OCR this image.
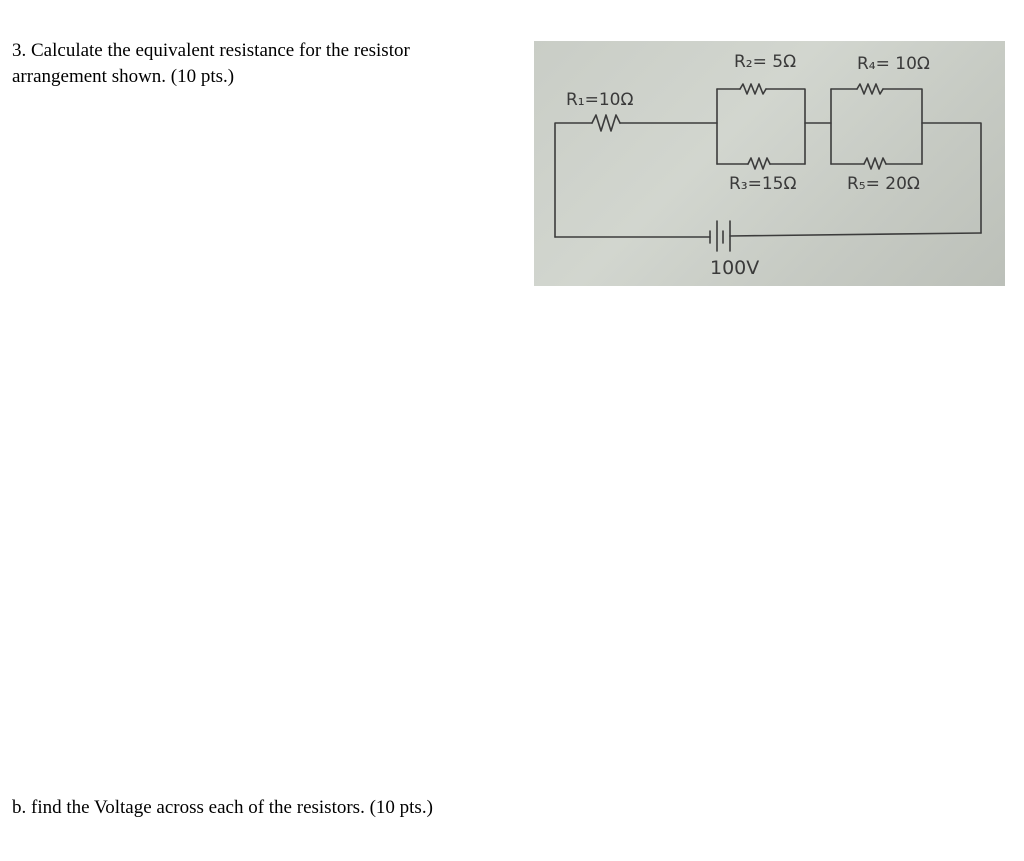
3. Calculate the equivalent resistance for the resistor
arrangement shown. (10 pts.)
R₁=10Ω
R₂= 5Ω
R₃=15Ω
R₄= 10Ω
R₅= 20Ω
100V
b. find the Voltage across each of the resistors. (10 pts.)
